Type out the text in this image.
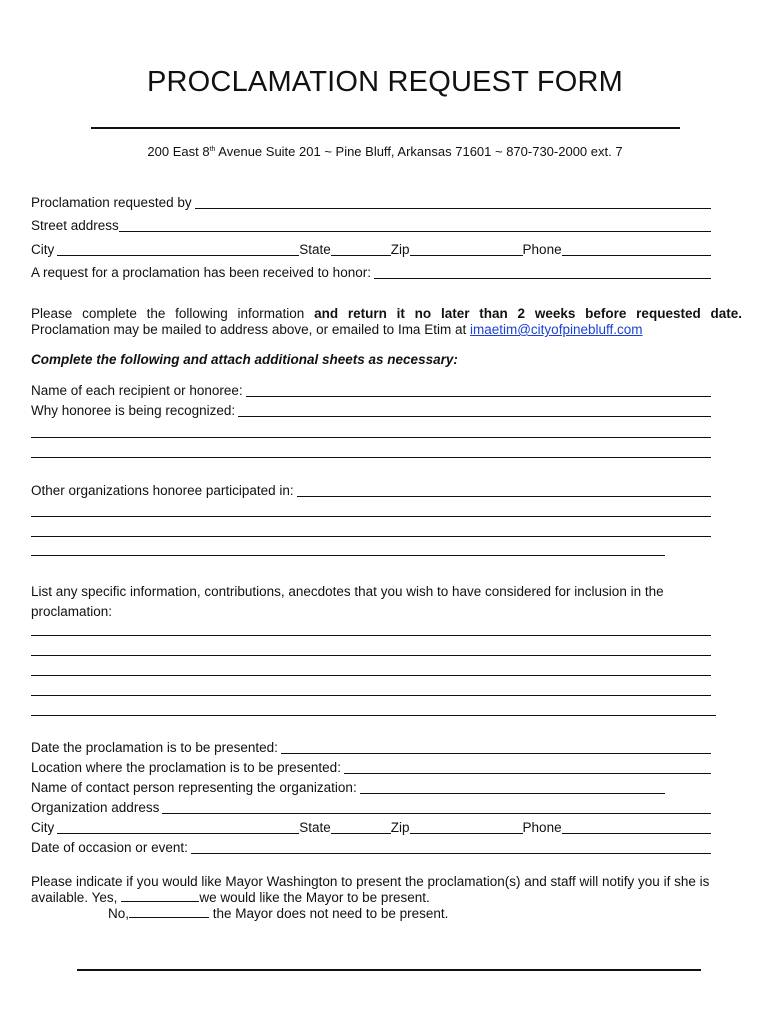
PROCLAMATION REQUEST FORM
200 East 8th Avenue Suite 201 ~ Pine Bluff, Arkansas 71601 ~ 870-730-2000 ext. 7
Proclamation requested by
Street address
City	State	Zip	Phone
A request for a proclamation has been received to honor:
Please complete the following information and return it no later than 2 weeks before requested date.
Proclamation may be mailed to address above, or emailed to Ima Etim at imaetim@cityofpinebluff.com
Complete the following and attach additional sheets as necessary:
Name of each recipient or honoree:
Why honoree is being recognized:
Other organizations honoree participated in:
List any specific information, contributions, anecdotes that you wish to have considered for inclusion in the proclamation:
Date the proclamation is to be presented:
Location where the proclamation is to be presented:
Name of contact person representing the organization:
Organization address
City	State	Zip	Phone
Date of occasion or event:
Please indicate if you would like Mayor Washington to present the proclamation(s) and staff will notify you if she is available. Yes,	we would like the Mayor to be present.
No,	the Mayor does not need to be present.
